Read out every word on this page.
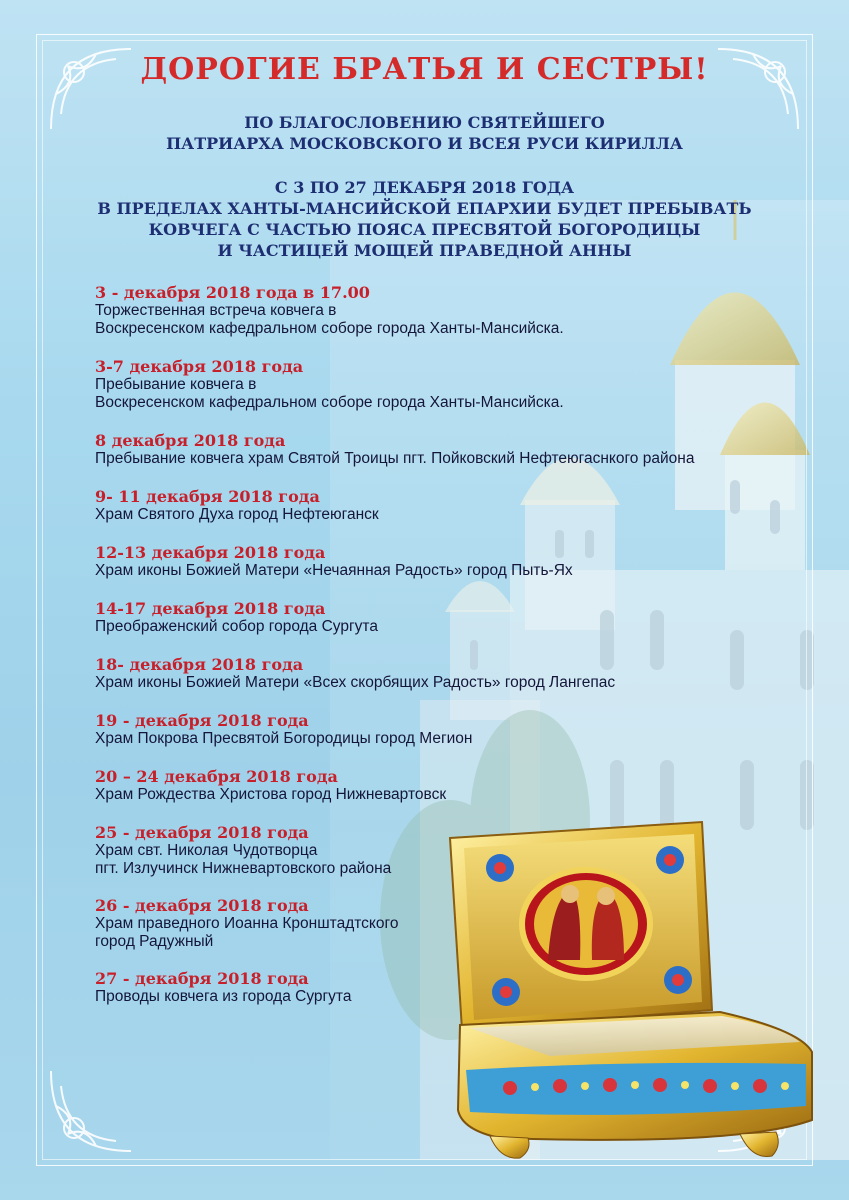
ДОРОГИЕ БРАТЬЯ И СЕСТРЫ!
ПО БЛАГОСЛОВЕНИЮ СВЯТЕЙШЕГО
ПАТРИАРХА МОСКОВСКОГО И ВСЕЯ РУСИ КИРИЛЛА
С 3 ПО 27 ДЕКАБРЯ 2018 ГОДА
В ПРЕДЕЛАХ ХАНТЫ-МАНСИЙСКОЙ ЕПАРХИИ БУДЕТ ПРЕБЫВАТЬ
КОВЧЕГА С ЧАСТЬЮ ПОЯСА ПРЕСВЯТОЙ БОГОРОДИЦЫ
И ЧАСТИЦЕЙ МОЩЕЙ ПРАВЕДНОЙ АННЫ
3 - декабря 2018 года в 17.00
Торжественная встреча ковчега в
Воскресенском кафедральном соборе города Ханты-Мансийска.
3-7 декабря 2018 года
Пребывание ковчега в
Воскресенском кафедральном соборе города Ханты-Мансийска.
8 декабря 2018 года
Пребывание ковчега храм Святой Троицы пгт. Пойковский Нефтеюгаснкого района
9- 11 декабря 2018 года
Храм Святого Духа город Нефтеюганск
12-13 декабря 2018 года
Храм иконы Божией Матери «Нечаянная Радость» город Пыть-Ях
14-17 декабря 2018 года
Преображенский собор города Сургута
18- декабря 2018 года
Храм иконы Божией Матери «Всех скорбящих Радость» город Лангепас
19 - декабря 2018 года
Храм Покрова Пресвятой Богородицы город Мегион
20 – 24 декабря 2018 года
Храм Рождества Христова город Нижневартовск
25 - декабря 2018 года
Храм свт. Николая Чудотворца
пгт. Излучинск Нижневартовского района
26 - декабря 2018 года
Храм праведного Иоанна Кронштадтского
город Радужный
27 - декабря 2018 года
Проводы ковчега из города Сургута
